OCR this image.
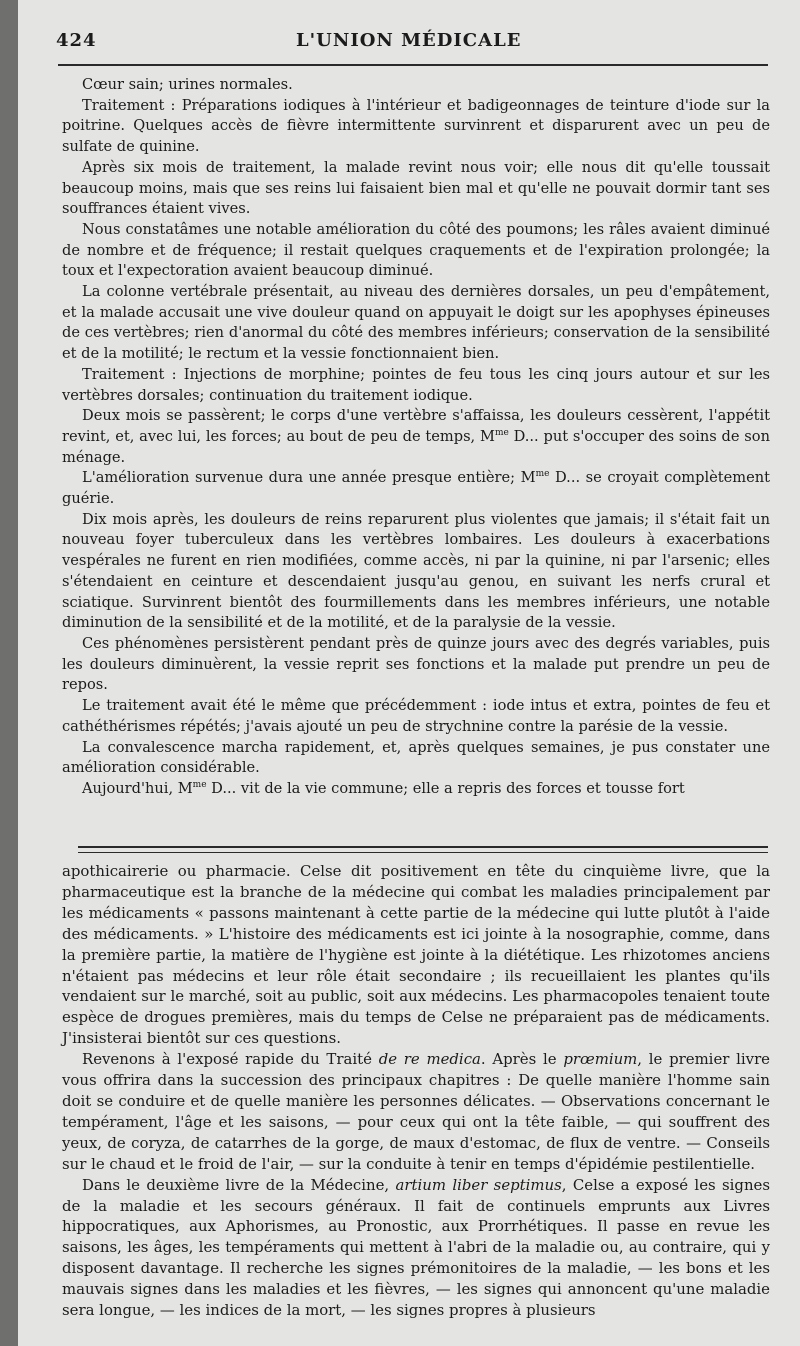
424	L'UNION MÉDICALE

Cœur sain; urines normales.

Traitement : Préparations iodiques à l'intérieur et badigeonnages de teinture d'iode sur la poitrine. Quelques accès de fièvre intermittente survinrent et disparurent avec un peu de sulfate de quinine.

Après six mois de traitement, la malade revint nous voir; elle nous dit qu'elle toussait beaucoup moins, mais que ses reins lui faisaient bien mal et qu'elle ne pouvait dormir tant ses souffrances étaient vives.

Nous constatâmes une notable amélioration du côté des poumons; les râles avaient diminué de nombre et de fréquence; il restait quelques craquements et de l'expiration prolongée; la toux et l'expectoration avaient beaucoup diminué.

La colonne vertébrale présentait, au niveau des dernières dorsales, un peu d'empâtement, et la malade accusait une vive douleur quand on appuyait le doigt sur les apophyses épineuses de ces vertèbres; rien d'anormal du côté des membres inférieurs; conservation de la sensibilité et de la motilité; le rectum et la vessie fonctionnaient bien.

Traitement : Injections de morphine; pointes de feu tous les cinq jours autour et sur les vertèbres dorsales; continuation du traitement iodique.

Deux mois se passèrent; le corps d'une vertèbre s'affaissa, les douleurs cessèrent, l'appétit revint, et, avec lui, les forces; au bout de peu de temps, $M^{me}$ D... put s'occuper des soins de son ménage.

L'amélioration survenue dura une année presque entière; $M^{me}$ D... se croyait complètement guérie.

Dix mois après, les douleurs de reins reparurent plus violentes que jamais; il s'était fait un nouveau foyer tuberculeux dans les vertèbres lombaires. Les douleurs à exacerbations vespérales ne furent en rien modifiées, comme accès, ni par la quinine, ni par l'arsenic; elles s'étendaient en ceinture et descendaient jusqu'au genou, en suivant les nerfs crural et sciatique. Survinrent bientôt des fourmillements dans les membres inférieurs, une notable diminution de la sensibilité et de la motilité, et de la paralysie de la vessie.

Ces phénomènes persistèrent pendant près de quinze jours avec des degrés variables, puis les douleurs diminuèrent, la vessie reprit ses fonctions et la malade put prendre un peu de repos.

Le traitement avait été le même que précédemment : iode intus et extra, pointes de feu et cathéthérismes répétés; j'avais ajouté un peu de strychnine contre la parésie de la vessie.

La convalescence marcha rapidement, et, après quelques semaines, je pus constater une amélioration considérable.

Aujourd'hui, $M^{me}$ D... vit de la vie commune; elle a repris des forces et tousse fort

apothicairerie ou pharmacie. Celse dit positivement en tête du cinquième livre, que la pharmaceutique est la branche de la médecine qui combat les maladies principalement par les médicaments « passons maintenant à cette partie de la médecine qui lutte plutôt à l'aide des médicaments. » L'histoire des médicaments est ici jointe à la nosographie, comme, dans la première partie, la matière de l'hygiène est jointe à la diététique. Les rhizotomes anciens n'étaient pas médecins et leur rôle était secondaire ; ils recueillaient les plantes qu'ils vendaient sur le marché, soit au public, soit aux médecins. Les pharmacopoles tenaient toute espèce de drogues premières, mais du temps de Celse ne préparaient pas de médicaments. J'insisterai bientôt sur ces questions.

Revenons à l'exposé rapide du Traité de re medica. Après le prœmium, le premier livre vous offrira dans la succession des principaux chapitres : De quelle manière l'homme sain doit se conduire et de quelle manière les personnes délicates. — Observations concernant le tempérament, l'âge et les saisons, — pour ceux qui ont la tête faible, — qui souffrent des yeux, de coryza, de catarrhes de la gorge, de maux d'estomac, de flux de ventre. — Conseils sur le chaud et le froid de l'air, — sur la conduite à tenir en temps d'épidémie pestilentielle.

Dans le deuxième livre de la Médecine, artium liber septimus, Celse a exposé les signes de la maladie et les secours généraux. Il fait de continuels emprunts aux Livres hippocratiques, aux Aphorismes, au Pronostic, aux Prorrhétiques. Il passe en revue les saisons, les âges, les tempéraments qui mettent à l'abri de la maladie ou, au contraire, qui y disposent davantage. Il recherche les signes prémonitoires de la maladie, — les bons et les mauvais signes dans les maladies et les fièvres, — les signes qui annoncent qu'une maladie sera longue, — les indices de la mort, — les signes propres à plusieurs
